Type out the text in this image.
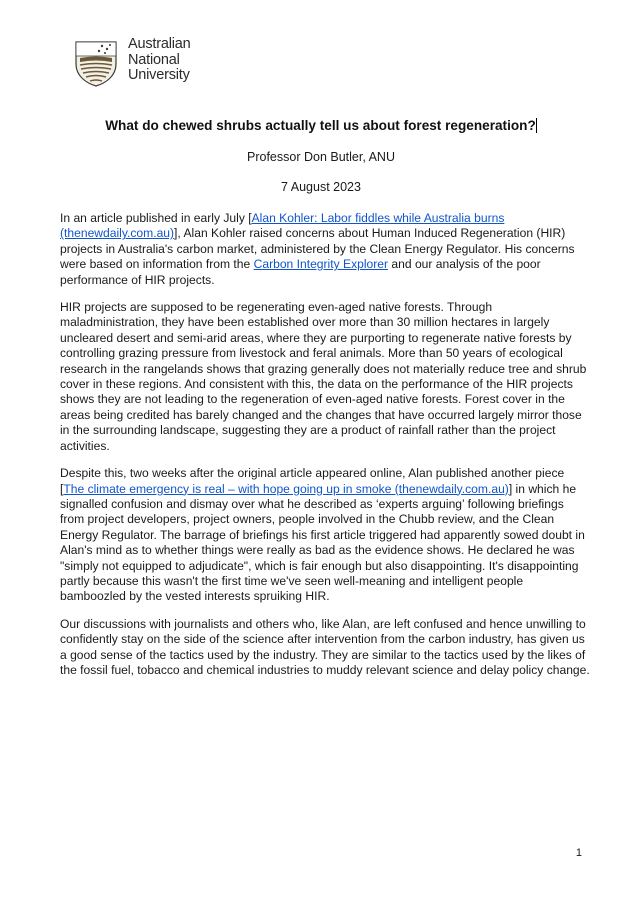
Australian
National
University
What do chewed shrubs actually tell us about forest regeneration?
Professor Don Butler, ANU
7 August 2023

In an article published in early July [Alan Kohler: Labor fiddles while Australia burns (thenewdaily.com.au)], Alan Kohler raised concerns about Human Induced Regeneration (HIR) projects in Australia's carbon market, administered by the Clean Energy Regulator. His concerns were based on information from the Carbon Integrity Explorer and our analysis of the poor performance of HIR projects.

HIR projects are supposed to be regenerating even-aged native forests. Through maladministration, they have been established over more than 30 million hectares in largely uncleared desert and semi-arid areas, where they are purporting to regenerate native forests by controlling grazing pressure from livestock and feral animals. More than 50 years of ecological research in the rangelands shows that grazing generally does not materially reduce tree and shrub cover in these regions. And consistent with this, the data on the performance of the HIR projects shows they are not leading to the regeneration of even-aged native forests. Forest cover in the areas being credited has barely changed and the changes that have occurred largely mirror those in the surrounding landscape, suggesting they are a product of rainfall rather than the project activities.

Despite this, two weeks after the original article appeared online, Alan published another piece [The climate emergency is real – with hope going up in smoke (thenewdaily.com.au)] in which he signalled confusion and dismay over what he described as ‘experts arguing’ following briefings from project developers, project owners, people involved in the Chubb review, and the Clean Energy Regulator. The barrage of briefings his first article triggered had apparently sowed doubt in Alan's mind as to whether things were really as bad as the evidence shows. He declared he was "simply not equipped to adjudicate", which is fair enough but also disappointing. It's disappointing partly because this wasn't the first time we've seen well-meaning and intelligent people bamboozled by the vested interests spruiking HIR.

Our discussions with journalists and others who, like Alan, are left confused and hence unwilling to confidently stay on the side of the science after intervention from the carbon industry, has given us a good sense of the tactics used by the industry. They are similar to the tactics used by the likes of the fossil fuel, tobacco and chemical industries to muddy relevant science and delay policy change.

1
